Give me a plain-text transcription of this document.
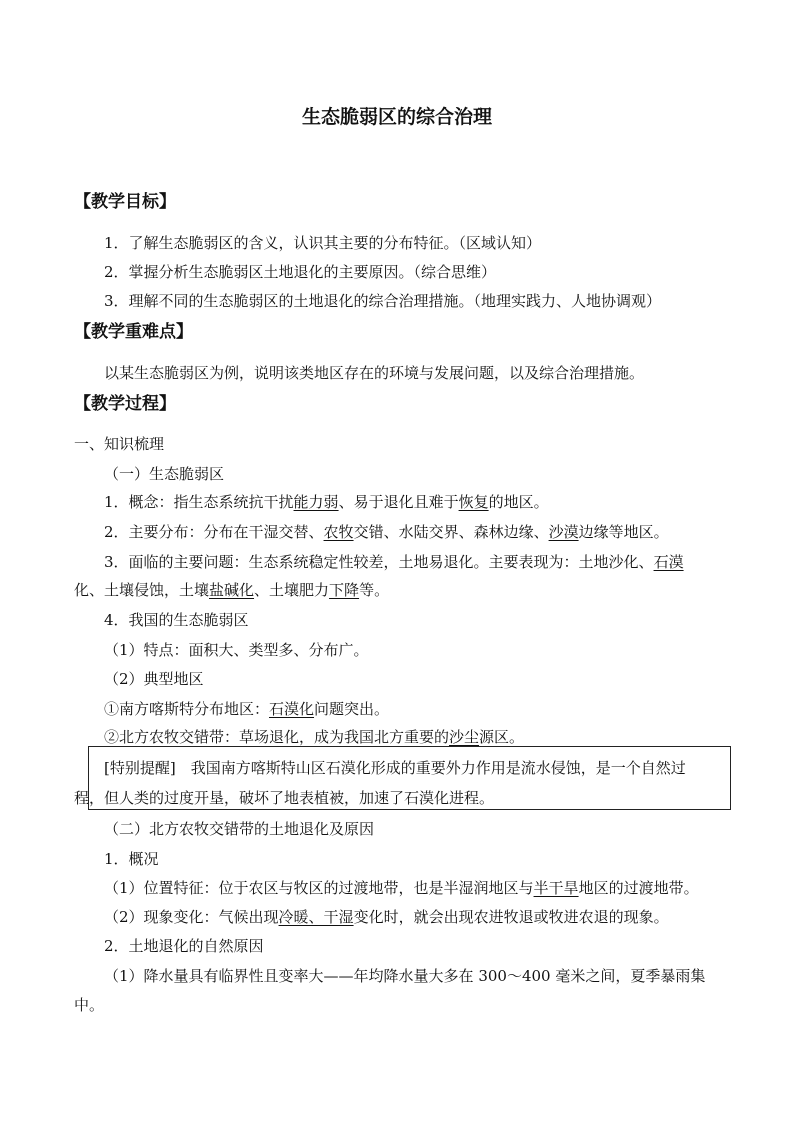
生态脆弱区的综合治理
【教学目标】
1．了解生态脆弱区的含义，认识其主要的分布特征。（区域认知）
2．掌握分析生态脆弱区土地退化的主要原因。（综合思维）
3．理解不同的生态脆弱区的土地退化的综合治理措施。（地理实践力、人地协调观）
【教学重难点】
以某生态脆弱区为例，说明该类地区存在的环境与发展问题，以及综合治理措施。
【教学过程】
一、知识梳理
（一）生态脆弱区
1．概念：指生态系统抗干扰能力弱、易于退化且难于恢复的地区。
2．主要分布：分布在干湿交替、农牧交错、水陆交界、森林边缘、沙漠边缘等地区。
3．面临的主要问题：生态系统稳定性较差，土地易退化。主要表现为：土地沙化、石漠
化、土壤侵蚀，土壤盐碱化、土壤肥力下降等。
4．我国的生态脆弱区
（1）特点：面积大、类型多、分布广。
（2）典型地区
①南方喀斯特分布地区：石漠化问题突出。
②北方农牧交错带：草场退化，成为我国北方重要的沙尘源区。
[特别提醒]　我国南方喀斯特山区石漠化形成的重要外力作用是流水侵蚀，是一个自然过
程，但人类的过度开垦，破坏了地表植被，加速了石漠化进程。
（二）北方农牧交错带的土地退化及原因
1．概况
（1）位置特征：位于农区与牧区的过渡地带，也是半湿润地区与半干旱地区的过渡地带。
（2）现象变化：气候出现冷暖、干湿变化时，就会出现农进牧退或牧进农退的现象。
2．土地退化的自然原因
（1）降水量具有临界性且变率大——年均降水量大多在 300～400 毫米之间，夏季暴雨集
中。
